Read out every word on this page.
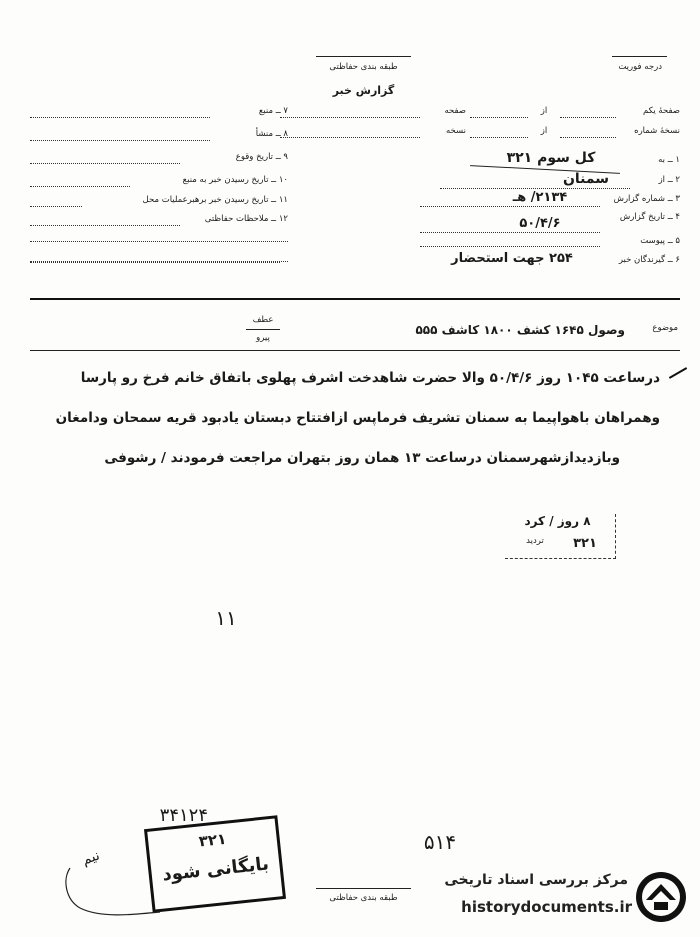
طبقه بندی حفاظتی
گزارش خبر
درجه فوریت
۷ ــ منبع
۸ ــ منشأ
۹ ــ تاریخ وقوع
۱۰ ــ تاریخ رسیدن خبر به منبع
۱۱ ــ تاریخ رسیدن خبر برهبرعملیات محل
۱۲ ــ ملاحظات حفاظتی
صفحهٔ یکم
از
صفحه
نسخهٔ شماره
از
نسخه
۱ ــ به
کل سوم ۳۲۱
۲ ــ از
سمنان
۳ ــ شماره گزارش
۲۱۳۴/ هـ
۴ ــ تاریخ گزارش
۵۰/۴/۶
۵ ــ پیوست
۶ ــ گیرندگان خبر
۲۵۴ جهت استحضار
موضوع
وصول ۱۶۴۵ کشف ۱۸۰۰ کاشف ۵۵۵
عطف
پیرو
درساعت ۱۰۴۵ روز ۵۰/۴/۶ والا حضرت شاهدخت اشرف پهلوی باتفاق خانم فرخ رو پارسا
وهمراهان باهواپیما به سمنان تشریف فرماپس ازافتتاح دبستان یادبود قریه سمحان ودامغان
وبازدیدازشهرسمنان درساعت ۱۳ همان روز بتهران مراجعت فرمودند / رشوفی
۸ روز / کرد
تردید	۳۲۱
۱۱
۳۴۱۲۴
۳۲۱
بایگانی شود
نیم
۵۱۴
طبقه بندی حفاظتی
مرکز بررسی اسناد تاریخی
historydocuments.ir
